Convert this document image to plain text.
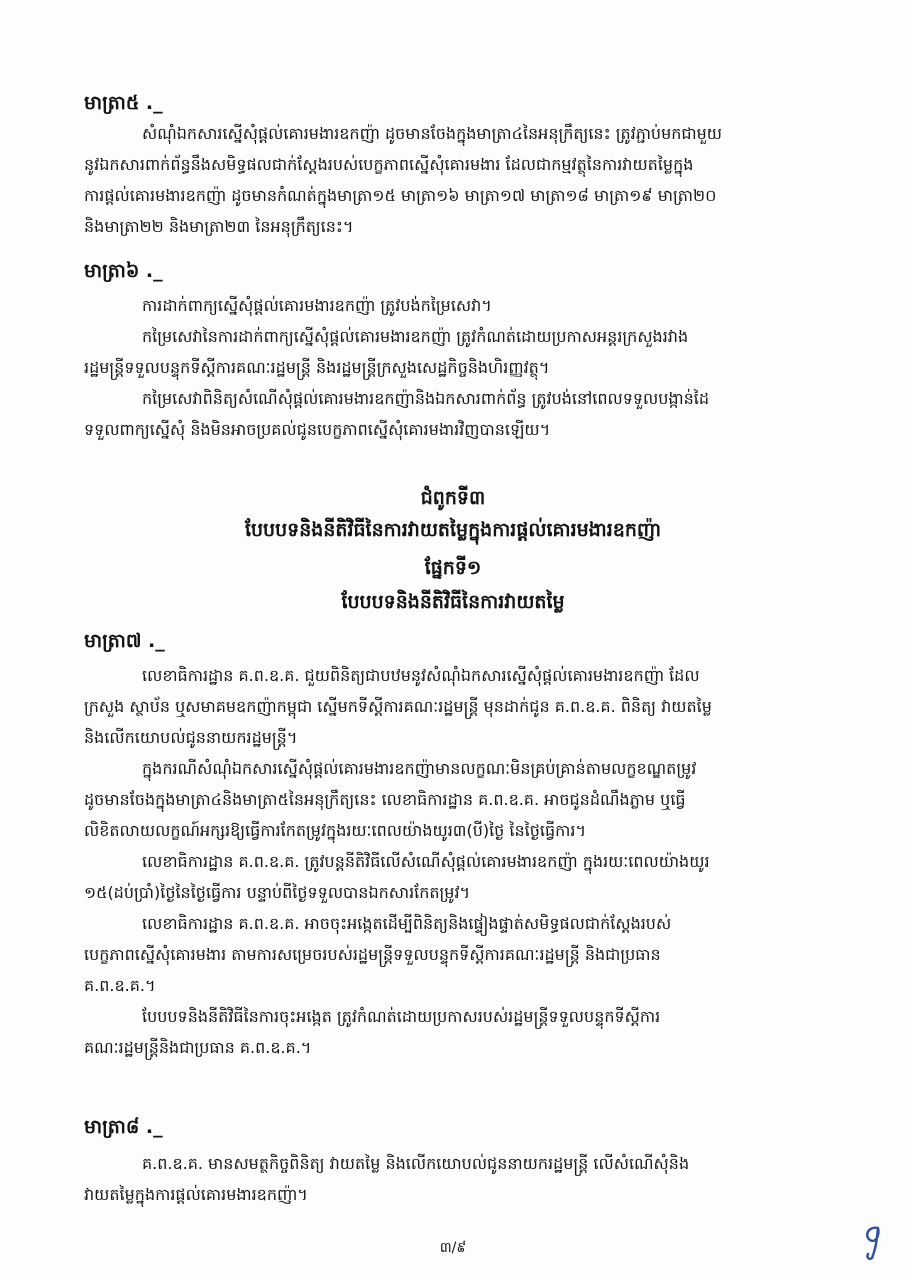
មាត្រា៥ ._
សំណុំឯកសារស្នើសុំផ្តល់គោរមងារឧកញ៉ា ដូចមានចែងក្នុងមាត្រា៤នៃអនុក្រឹត្យនេះ ត្រូវភ្ជាប់មកជាមួយ
នូវឯកសារពាក់ព័ន្ធនឹងសមិទ្ធផលជាក់ស្តែងរបស់បេក្ខភាពស្នើសុំគោរមងារ ដែលជាកម្មវត្ថុនៃការវាយតម្លៃក្នុង
ការផ្តល់គោរមងារឧកញ៉ា ដូចមានកំណត់ក្នុងមាត្រា១៥ មាត្រា១៦ មាត្រា១៧ មាត្រា១៨ មាត្រា១៩ មាត្រា២០
និងមាត្រា២២ និងមាត្រា២៣ នៃអនុក្រឹត្យនេះ។
មាត្រា៦ ._
ការដាក់ពាក្យស្នើសុំផ្តល់គោរមងារឧកញ៉ា ត្រូវបង់កម្រៃសេវា។
កម្រៃសេវានៃការដាក់ពាក្យស្នើសុំផ្តល់គោរមងារឧកញ៉ា ត្រូវកំណត់ដោយប្រកាសអន្តរក្រសួងរវាង
រដ្ឋមន្ត្រីទទួលបន្ទុកទីស្តីការគណៈរដ្ឋមន្ត្រី និងរដ្ឋមន្ត្រីក្រសួងសេដ្ឋកិច្ចនិងហិរញ្ញវត្ថុ។
កម្រៃសេវាពិនិត្យសំណើសុំផ្តល់គោរមងារឧកញ៉ានិងឯកសារពាក់ព័ន្ធ ត្រូវបង់នៅពេលទទួលបង្កាន់ដៃ
ទទួលពាក្យស្នើសុំ និងមិនអាចប្រគល់ជូនបេក្ខភាពស្នើសុំគោរមងារវិញបានឡើយ។
ជំពូកទី៣
បែបបទនិងនីតិវិធីនៃការវាយតម្លៃក្នុងការផ្តល់គោរមងារឧកញ៉ា
ផ្នែកទី១
បែបបទនិងនីតិវិធីនៃការវាយតម្លៃ
មាត្រា៧ ._
លេខាធិការដ្ឋាន គ.ព.ឧ.គ. ជួយពិនិត្យជាបឋមនូវសំណុំឯកសារស្នើសុំផ្តល់គោរមងារឧកញ៉ា ដែល
ក្រសួង ស្ថាប័ន ឬសមាគមឧកញ៉ាកម្ពុជា ស្នើមកទីស្តីការគណៈរដ្ឋមន្ត្រី មុនដាក់ជូន គ.ព.ឧ.គ. ពិនិត្យ វាយតម្លៃ
និងលើកយោបល់ជូននាយករដ្ឋមន្ត្រី។
ក្នុងករណីសំណុំឯកសារស្នើសុំផ្តល់គោរមងារឧកញ៉ាមានលក្ខណៈមិនគ្រប់គ្រាន់តាមលក្ខខណ្ឌតម្រូវ
ដូចមានចែងក្នុងមាត្រា៤និងមាត្រា៥នៃអនុក្រឹត្យនេះ លេខាធិការដ្ឋាន គ.ព.ឧ.គ. អាចជូនដំណឹងភ្លាម ឬធ្វើ
លិខិតលាយលក្ខណ៍អក្សរឱ្យធ្វើការកែតម្រូវក្នុងរយៈពេលយ៉ាងយូរ៣(បី)ថ្ងៃ នៃថ្ងៃធ្វើការ។
លេខាធិការដ្ឋាន គ.ព.ឧ.គ. ត្រូវបន្តនីតិវិធីលើសំណើសុំផ្តល់គោរមងារឧកញ៉ា ក្នុងរយៈពេលយ៉ាងយូរ
១៥(ដប់ប្រាំ)ថ្ងៃនៃថ្ងៃធ្វើការ បន្ទាប់ពីថ្ងៃទទួលបានឯកសារកែតម្រូវ។
លេខាធិការដ្ឋាន គ.ព.ឧ.គ. អាចចុះអង្កេតដើម្បីពិនិត្យនិងផ្ទៀងផ្ទាត់សមិទ្ធផលជាក់ស្តែងរបស់
បេក្ខភាពស្នើសុំគោរមងារ តាមការសម្រេចរបស់រដ្ឋមន្ត្រីទទួលបន្ទុកទីស្តីការគណៈរដ្ឋមន្ត្រី និងជាប្រធាន
គ.ព.ឧ.គ.។
បែបបទនិងនីតិវិធីនៃការចុះអង្កេត ត្រូវកំណត់ដោយប្រកាសរបស់រដ្ឋមន្ត្រីទទួលបន្ទុកទីស្តីការ
គណៈរដ្ឋមន្ត្រីនិងជាប្រធាន គ.ព.ឧ.គ.។
មាត្រា៨ ._
គ.ព.ឧ.គ. មានសមត្ថកិច្ចពិនិត្យ វាយតម្លៃ និងលើកយោបល់ជូននាយករដ្ឋមន្ត្រី លើសំណើសុំនិង
វាយតម្លៃក្នុងការផ្តល់គោរមងារឧកញ៉ា។
៣/៩
